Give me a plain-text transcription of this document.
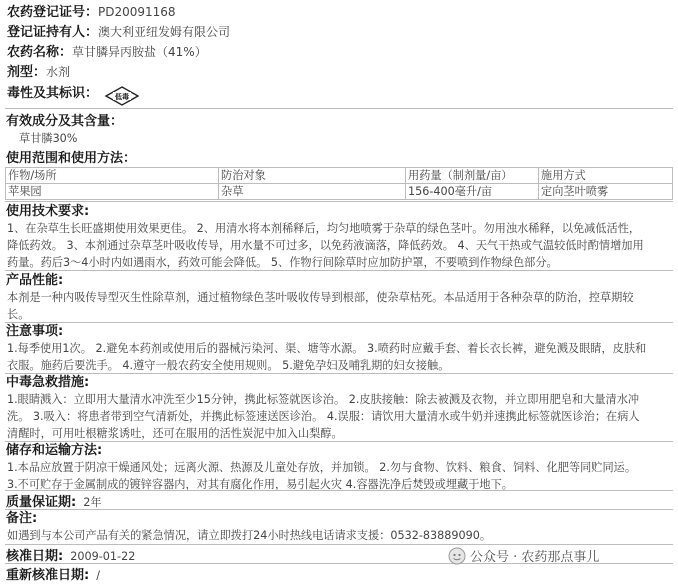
农药登记证号：PD20091168
登记证持有人：澳大利亚纽发姆有限公司
农药名称：草甘膦异丙胺盐（41%）
剂型：水剂
毒性及其标识：	低毒
有效成分及其含量：
草甘膦30%
使用范围和使用方法：
作物/场所	防治对象	用药量（制剂量/亩）	施用方式
苹果园	杂草	156-400毫升/亩	定向茎叶喷雾
使用技术要求:
1、在杂草生长旺盛期使用效果更佳。 2、用清水将本剂稀释后，均匀地喷雾于杂草的绿色茎叶。勿用浊水稀释，以免减低活性，
降低药效。 3、本剂通过杂草茎叶吸收传导，用水量不可过多，以免药液滴落，降低药效。 4、天气干热或气温较低时酌情增加用
药量。药后3～4小时内如遇雨水，药效可能会降低。 5、作物行间除草时应加防护罩，不要喷到作物绿色部分。
产品性能:
本剂是一种内吸传导型灭生性除草剂，通过植物绿色茎叶吸收传导到根部，使杂草枯死。本品适用于各种杂草的防治，控草期较
长。
注意事项:
1.每季使用1次。 2.避免本药剂或使用后的器械污染河、渠、塘等水源。 3.喷药时应戴手套、着长衣长裤，避免溅及眼睛，皮肤和
衣服。施药后要洗手。 4.遵守一般农药安全使用规则。 5.避免孕妇及哺乳期的妇女接触。
中毒急救措施:
1.眼睛溅入：立即用大量清水冲洗至少15分钟，携此标签就医诊治。 2.皮肤接触：除去被溅及衣物，并立即用肥皂和大量清水冲
洗。 3.吸入：将患者带到空气清新处，并携此标签速送医诊治。 4.误服：请饮用大量清水或牛奶并速携此标签就医诊治；在病人
清醒时，可用吐根糖浆诱吐，还可在服用的活性炭泥中加入山梨醇。
储存和运输方法:
1.本品应放置于阴凉干燥通风处；远离火源、热源及儿童处存放，并加锁。 2.勿与食物、饮料、粮食、饲料、化肥等同贮同运。
3.不可贮存于金属制成的镀锌容器内，对其有腐化作用，易引起火灾 4.容器洗净后焚毁或埋藏于地下。
质量保证期: 2年
备注:
如遇到与本公司产品有关的紧急情况，请立即拨打24小时热线电话请求支援：0532-83889090。
核准日期: 2009-01-22
重新核准日期: /
公众号 · 农药那点事儿
